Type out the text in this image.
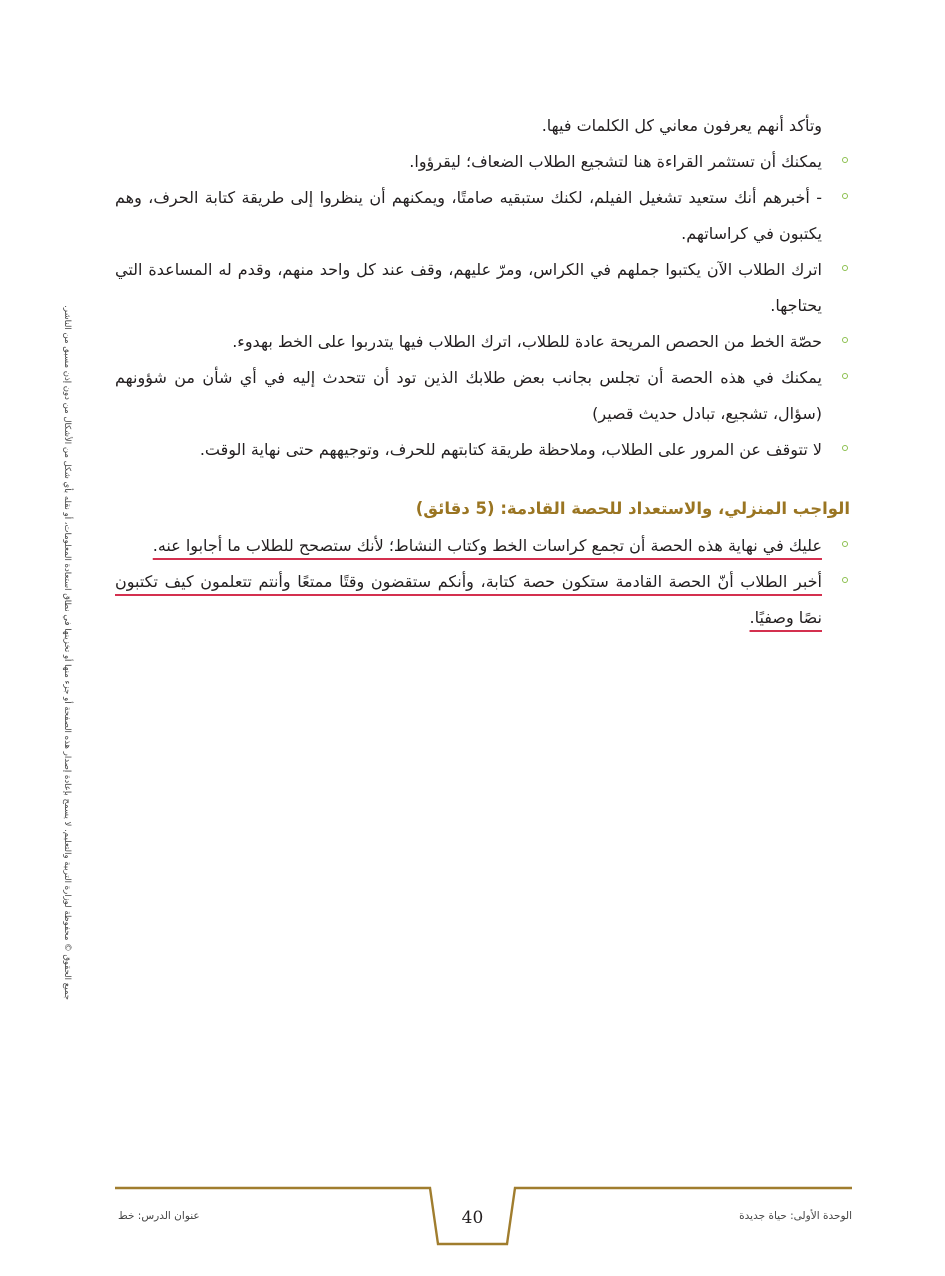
جميع الحقوق © محفوظة لوزارة التربية والتعليم. لا يسمح بإعادة إصدار هذه الصفحة أو جزء منها أو تخزينها في نطاق استعادة المعلومات، أو نقله بأي شكل من الأشكال من دون إذن مسبق من الناشر.

وتأكد أنهم يعرفون معاني كل الكلمات فيها.

يمكنك أن تستثمر القراءة هنا لتشجيع الطلاب الضعاف؛ ليقرؤوا.
- أخبرهم أنك ستعيد تشغيل الفيلم، لكنك ستبقيه صامتًا، ويمكنهم أن ينظروا إلى طريقة كتابة الحرف، وهم يكتبون في كراساتهم.
اترك الطلاب الآن يكتبوا جملهم في الكراس، ومرّ عليهم، وقف عند كل واحد منهم، وقدم له المساعدة التي يحتاجها.
حصّة الخط من الحصص المريحة عادة للطلاب، اترك الطلاب فيها يتدربوا على الخط بهدوء.
يمكنك في هذه الحصة أن تجلس بجانب بعض طلابك الذين تود أن تتحدث إليه في أي شأن من شؤونهم (سؤال، تشجيع، تبادل حديث قصير)
لا تتوقف عن المرور على الطلاب، وملاحظة طريقة كتابتهم للحرف، وتوجيههم حتى نهاية الوقت.
الواجب المنزلي، والاستعداد للحصة القادمة: (5 دقائق)
عليك في نهاية هذه الحصة أن تجمع كراسات الخط وكتاب النشاط؛ لأنك ستصحح للطلاب ما أجابوا عنه.
أخبر الطلاب أنّ الحصة القادمة ستكون حصة كتابة، وأنكم ستقضون وقتًا ممتعًا وأنتم تتعلمون كيف تكتبون نصًا وصفيًا.
40	الوحدة الأولى: حياة جديدة
عنوان الدرس: خط
